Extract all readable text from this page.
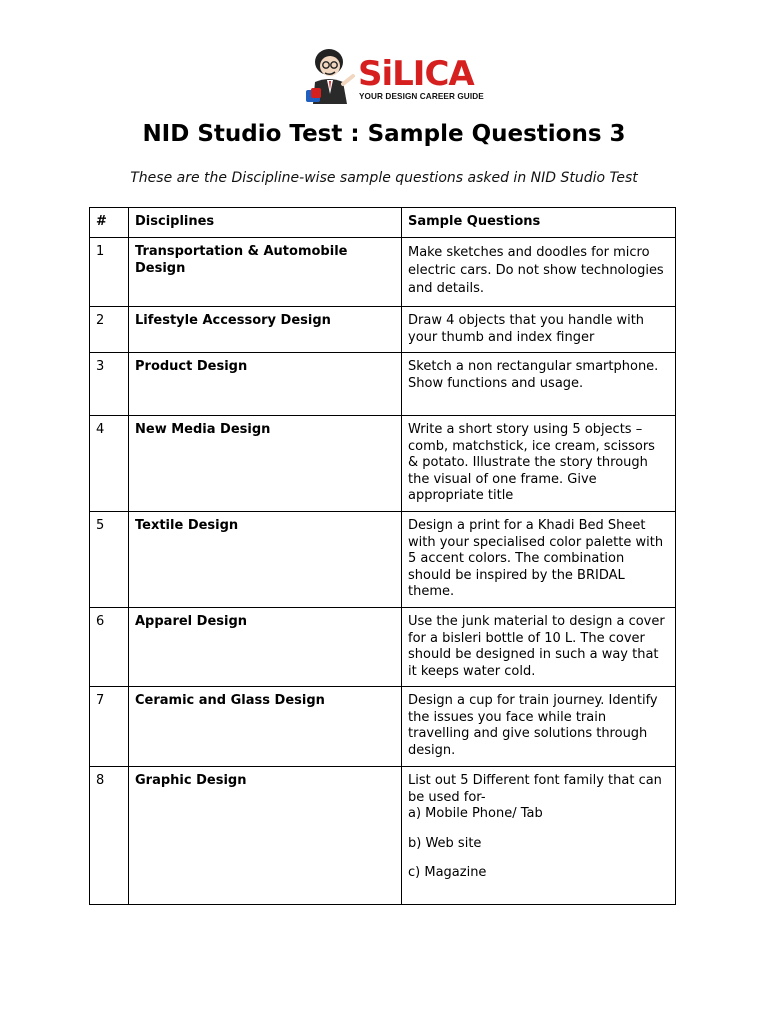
SiLICA
YOUR DESIGN CAREER GUIDE
NID Studio Test : Sample Questions 3
These are the Discipline-wise sample questions asked in NID Studio Test
#	Disciplines	Sample Questions
1	Transportation & Automobile Design	Make sketches and doodles for micro electric cars. Do not show technologies and details.
2	Lifestyle Accessory Design	Draw 4 objects that you handle with your thumb and index finger
3	Product Design	Sketch a non rectangular smartphone. Show functions and usage.
4	New Media Design	Write a short story using 5 objects – comb, matchstick, ice cream, scissors & potato. Illustrate the story through the visual of one frame. Give appropriate title
5	Textile Design	Design a print for a Khadi Bed Sheet with your specialised color palette with 5 accent colors. The combination should be inspired by the BRIDAL theme.
6	Apparel Design	Use the junk material to design a cover for a bisleri bottle of 10 L. The cover should be designed in such a way that it keeps water cold.
7	Ceramic and Glass Design	Design a cup for train journey. Identify the issues you face while train travelling and give solutions through design.
8	Graphic Design	List out 5 Different font family that can be used for-
a) Mobile Phone/ Tab
b) Web site
c) Magazine
